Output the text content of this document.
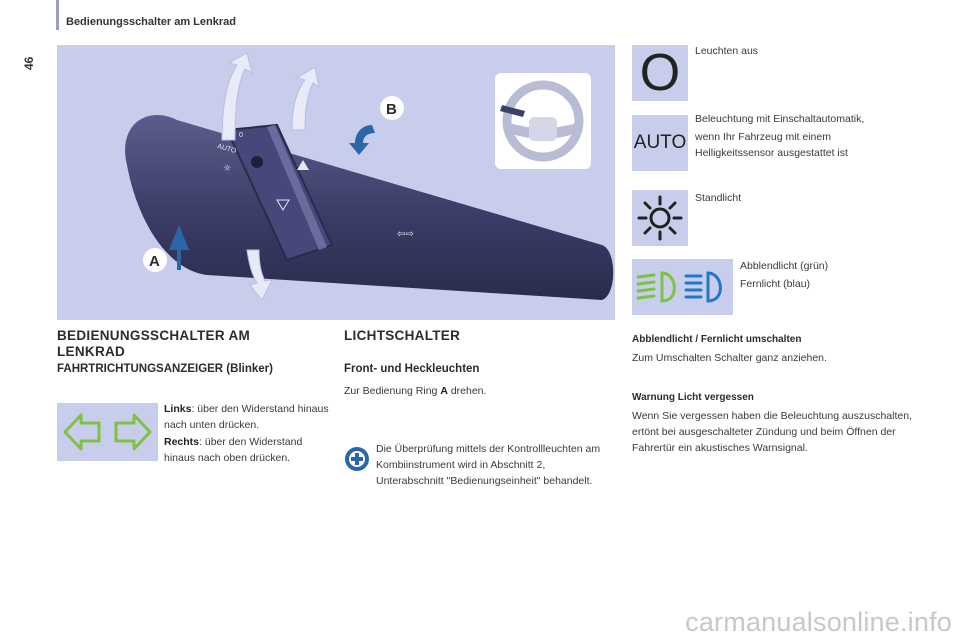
Bedienungsschalter am Lenkrad
46
AUTO
0
☼
⇦⇨
B
A
BEDIENUNGSSCHALTER AM LENKRAD
FAHRTRICHTUNGSANZEIGER (Blinker)
Links: über den Widerstand hinaus nach unten drücken.
Rechts: über den Widerstand hinaus nach oben drücken.
LICHTSCHALTER
Front- und Heckleuchten
Zur Bedienung Ring A drehen.
Die Überprüfung mittels der Kontrollleuchten am Kombiinstrument wird in Abschnitt 2, Unterabschnitt "Bedienungseinheit" behandelt.
O	Leuchten aus
AUTO
Beleuchtung mit Einschaltautomatik,
wenn Ihr Fahrzeug mit einem Helligkeitssensor ausgestattet ist
Standlicht
Abblendlicht (grün)
Fernlicht (blau)
Abblendlicht / Fernlicht umschalten
Zum Umschalten Schalter ganz anziehen.
Warnung Licht vergessen
Wenn Sie vergessen haben die Beleuchtung auszuschalten, ertönt bei ausgeschalteter Zündung und beim Öffnen der Fahrertür ein akustisches Warnsignal.
carmanualsonline.info
